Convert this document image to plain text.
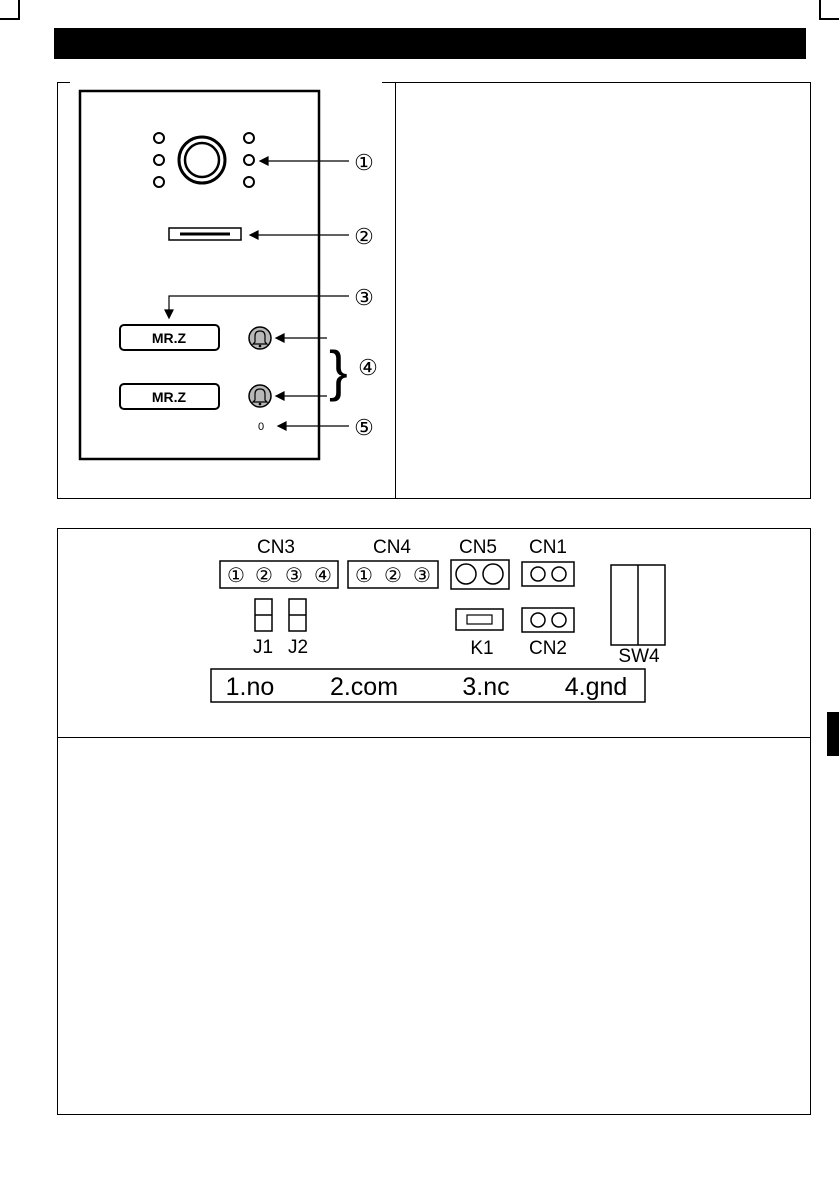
MR.Z
MR.Z
0
}
①
②
③
④
⑤
CN3
① ② ③ ④
CN4
① ② ③
CN5 CN1
SW4
J1 J2	K1 CN2
1.no 2.com	3.nc 4.gnd
